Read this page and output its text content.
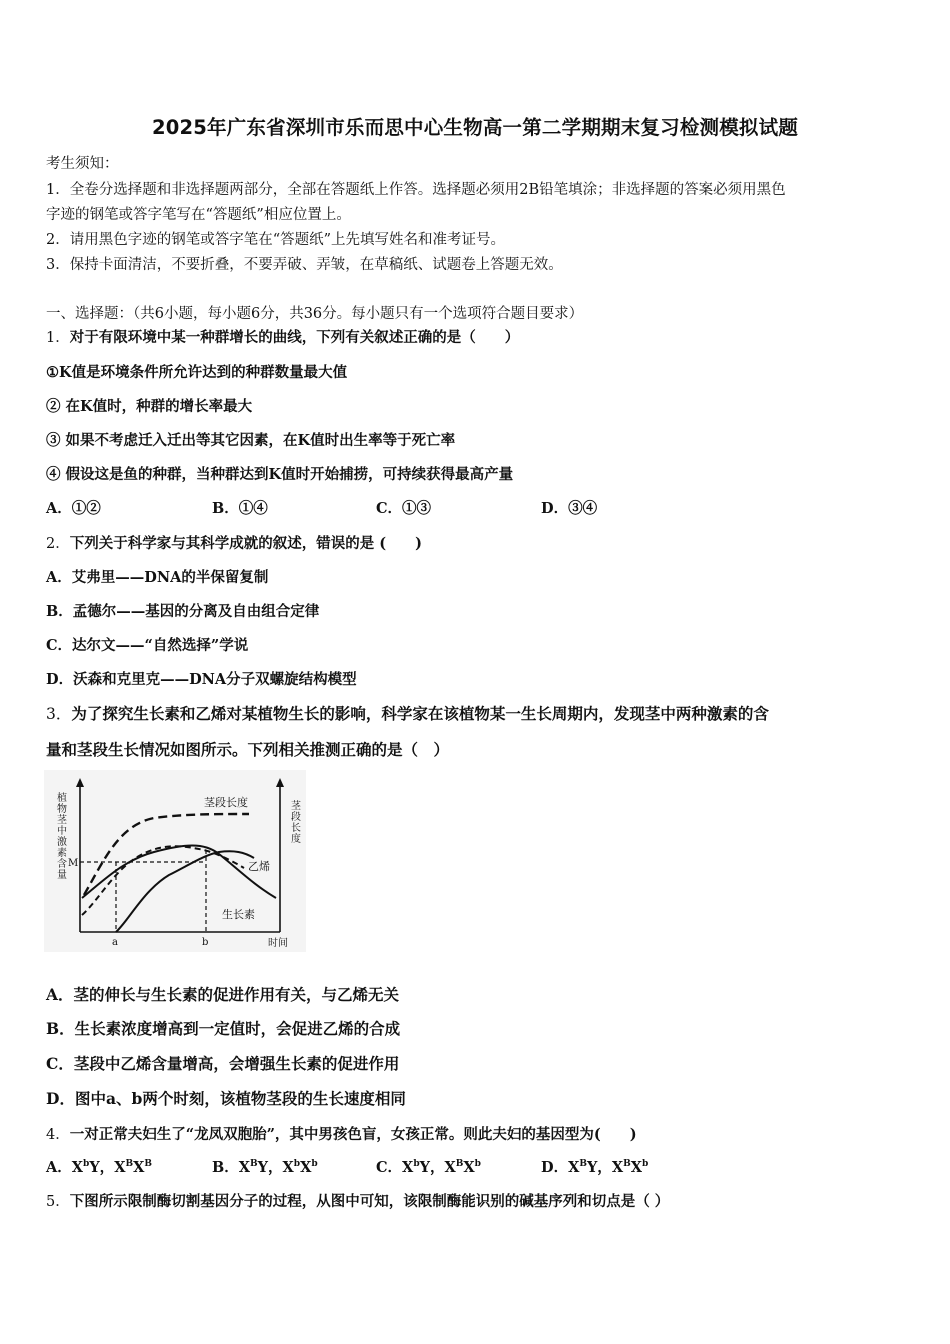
2025年广东省深圳市乐而思中心生物高一第二学期期末复习检测模拟试题
考生须知：
1．全卷分选择题和非选择题两部分，全部在答题纸上作答。选择题必须用2B铅笔填涂；非选择题的答案必须用黑色
字迹的钢笔或答字笔写在“答题纸”相应位置上。
2．请用黑色字迹的钢笔或答字笔在“答题纸”上先填写姓名和准考证号。
3．保持卡面清洁，不要折叠，不要弄破、弄皱，在草稿纸、试题卷上答题无效。
一、选择题：（共6小题，每小题6分，共36分。每小题只有一个选项符合题目要求）
1．对于有限环境中某一种群增长的曲线，下列有关叙述正确的是（　　）
①K值是环境条件所允许达到的种群数量最大值
② 在K值时，种群的增长率最大
③ 如果不考虑迁入迁出等其它因素，在K值时出生率等于死亡率
④ 假设这是鱼的种群，当种群达到K值时开始捕捞，可持续获得最高产量
A．①②	B．①④	C．①③	D．③④
2．下列关于科学家与其科学成就的叙述，错误的是 (　　)
A．艾弗里——DNA的半保留复制
B．孟德尔——基因的分离及自由组合定律
C．达尔文——“自然选择”学说
D．沃森和克里克——DNA分子双螺旋结构模型
3．为了探究生长素和乙烯对某植物生长的影响，科学家在该植物某一生长周期内，发现茎中两种激素的含
量和茎段生长情况如图所示。下列相关推测正确的是（　）
茎段长度
乙烯
生长素
M
a	b	时间
植物茎中激素含量	茎段长度
A．茎的伸长与生长素的促进作用有关，与乙烯无关
B．生长素浓度增高到一定值时，会促进乙烯的合成
C．茎段中乙烯含量增高，会增强生长素的促进作用
D．图中a、b两个时刻，该植物茎段的生长速度相同
4．一对正常夫妇生了“龙凤双胞胎”，其中男孩色盲，女孩正常。则此夫妇的基因型为(　　)
A．$X^bY$，$X^BX^B$	B．$X^BY$，$X^bX^b$	C．$X^bY$，$X^BX^b$	D．$X^BY$，$X^BX^b$
5．下图所示限制酶切割基因分子的过程，从图中可知，该限制酶能识别的碱基序列和切点是（ ）
